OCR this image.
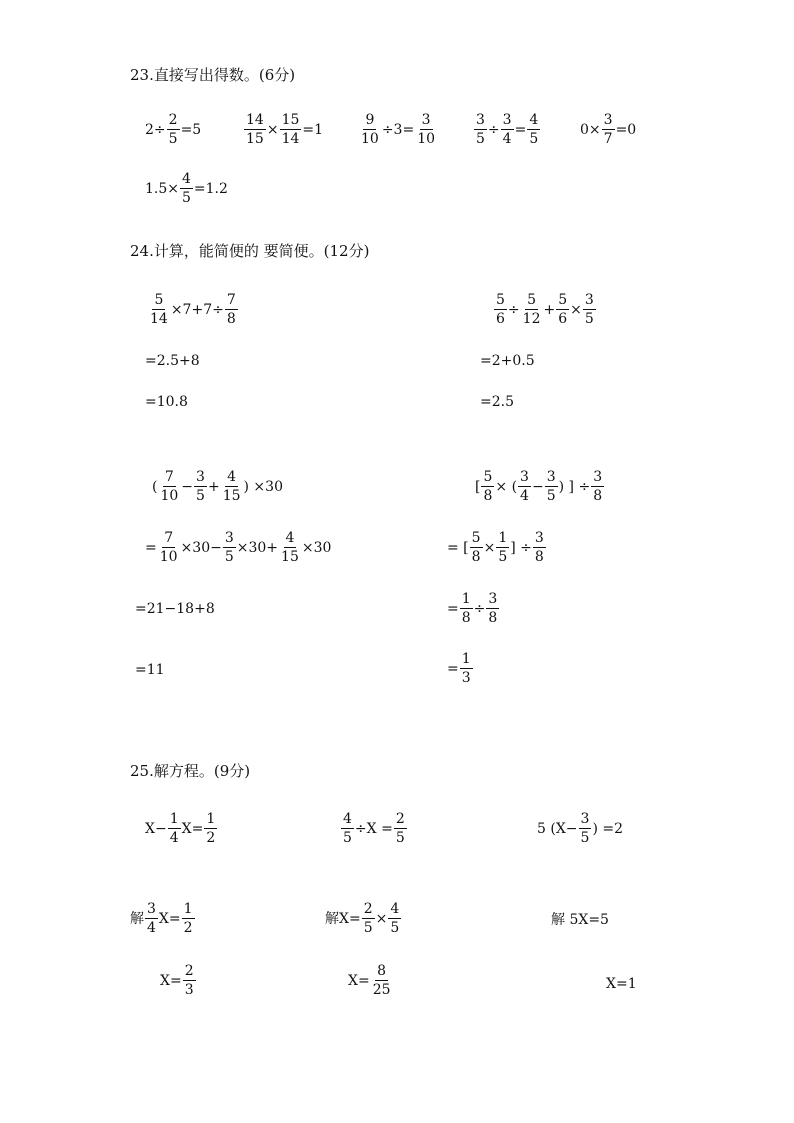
23.直接写出得数。(6分)
$2\div \frac{2}{5} =5$	$\frac{14}{15} \times \frac{15}{14} =1$	$\frac{9}{10} \div 3= \frac{3}{10}$	$\frac{3}{5} \div \frac{3}{4} = \frac{4}{5}$	$0\times \frac{3}{7} =0$
$1.5\times \frac{4}{5} =1.2$
24.计算，能简便的 要简便。(12分)
$\frac{5}{14} \times 7+7\div \frac{7}{8}$
=2.5+8
=10.8
$\frac{5}{6} \div \frac{5}{12} + \frac{5}{6} \times \frac{3}{5}$
=2+0.5
=2.5
( $\frac{7}{10} - \frac{3}{5} + \frac{4}{15}$ ) ×30
= $\frac{7}{10} \times 30- \frac{3}{5} \times 30+ \frac{4}{15} \times 30$
=21−18+8
=11
[ $\frac{5}{8}$ × ( $\frac{3}{4} - \frac{3}{5}$ ) ] ÷ $\frac{3}{8}$
= [ $\frac{5}{8} \times \frac{1}{5}$ ] ÷ $\frac{3}{8}$
= $\frac{1}{8} \div \frac{3}{8}$
= $\frac{1}{3}$
25.解方程。(9分)
$X- \frac{1}{4} X= \frac{1}{2}$	$\frac{4}{5} \div X = \frac{2}{5}$	5 ($X- \frac{3}{5}$ ) =2
解 $\frac{3}{4} X= \frac{1}{2}$	解$X= \frac{2}{5} \times \frac{4}{5}$	解 5X=5
$X= \frac{2}{3}$	$X= \frac{8}{25}$	X=1
